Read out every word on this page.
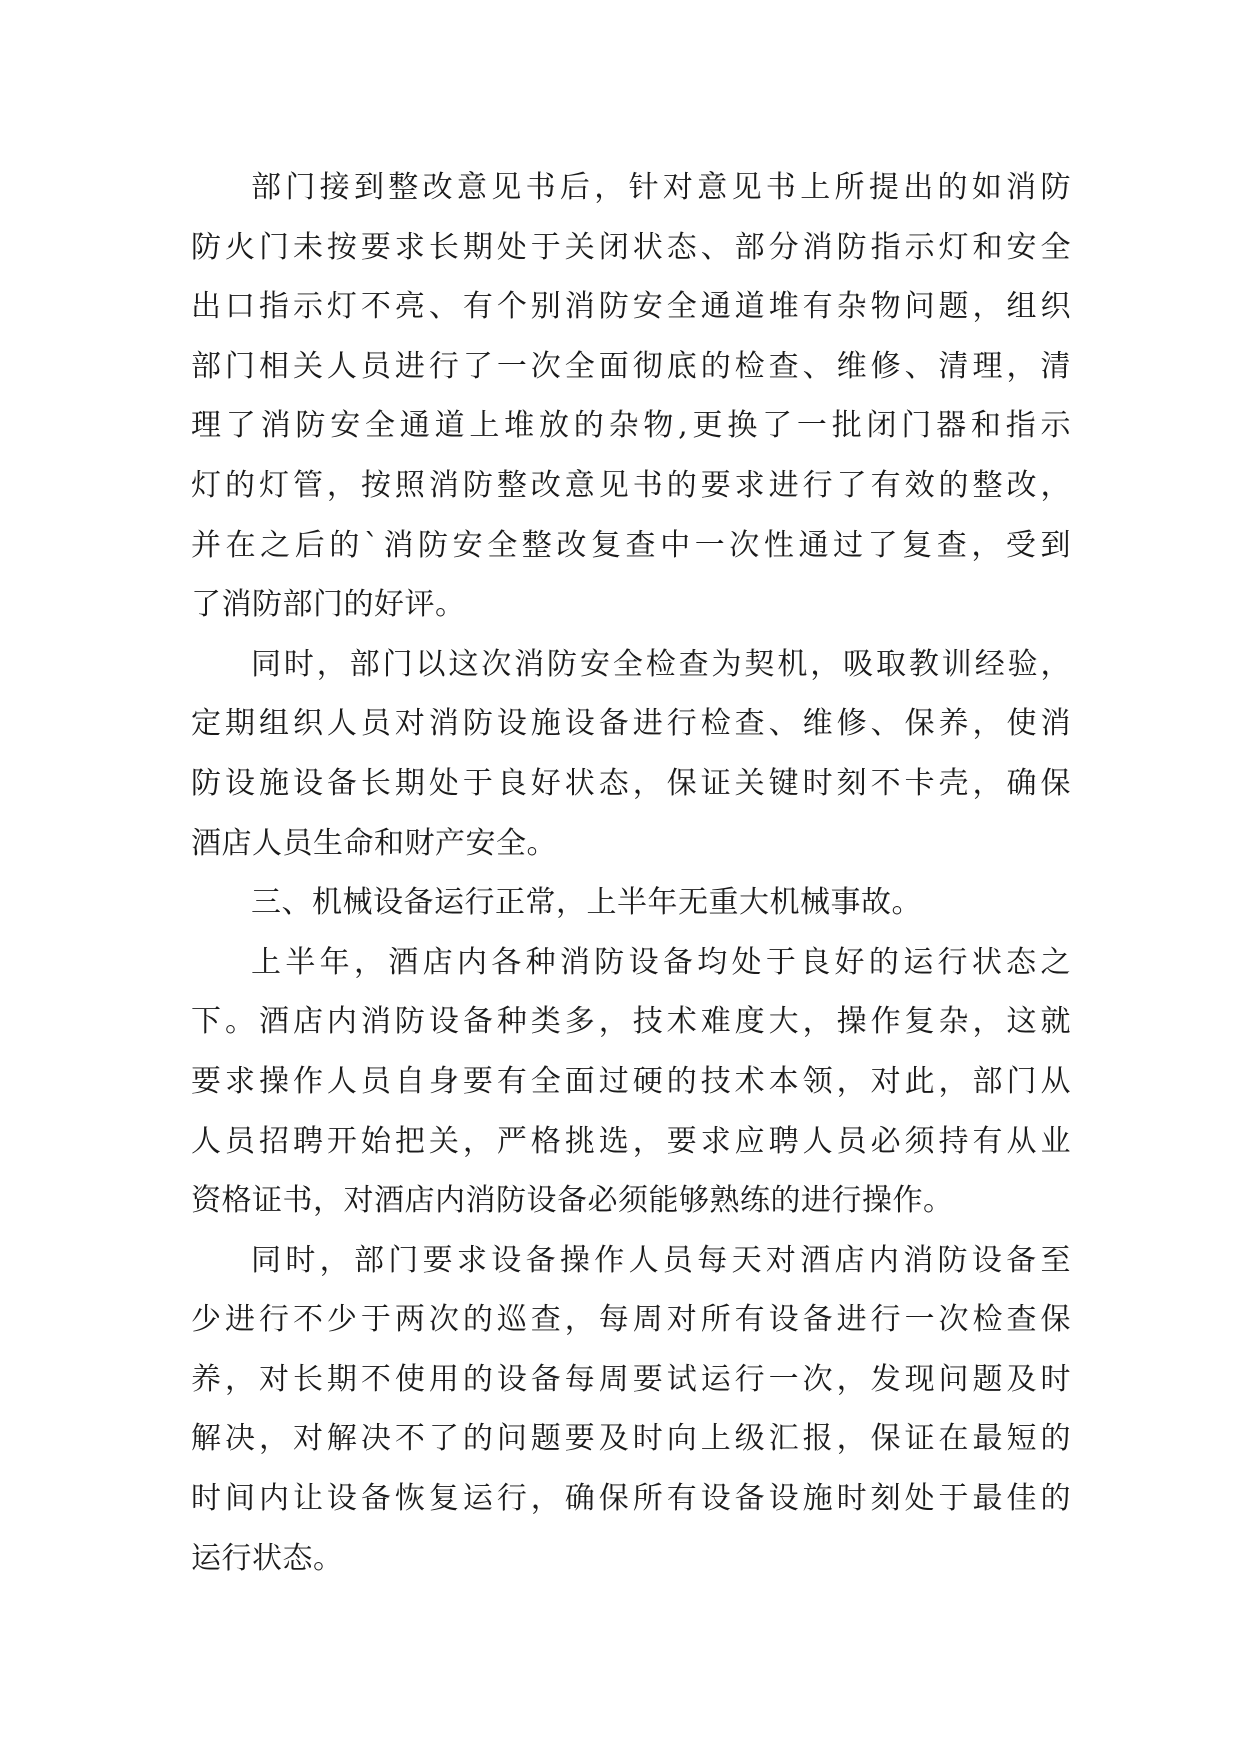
部门接到整改意见书后，针对意见书上所提出的如消防
防火门未按要求长期处于关闭状态、部分消防指示灯和安全
出口指示灯不亮、有个别消防安全通道堆有杂物问题，组织
部门相关人员进行了一次全面彻底的检查、维修、清理，清
理了消防安全通道上堆放的杂物,更换了一批闭门器和指示
灯的灯管，按照消防整改意见书的要求进行了有效的整改，
并在之后的`消防安全整改复查中一次性通过了复查，受到
了消防部门的好评。

同时，部门以这次消防安全检查为契机，吸取教训经验，
定期组织人员对消防设施设备进行检查、维修、保养，使消
防设施设备长期处于良好状态，保证关键时刻不卡壳，确保
酒店人员生命和财产安全。

三、机械设备运行正常，上半年无重大机械事故。

上半年，酒店内各种消防设备均处于良好的运行状态之
下。酒店内消防设备种类多，技术难度大，操作复杂，这就
要求操作人员自身要有全面过硬的技术本领，对此，部门从
人员招聘开始把关，严格挑选，要求应聘人员必须持有从业
资格证书，对酒店内消防设备必须能够熟练的进行操作。

同时，部门要求设备操作人员每天对酒店内消防设备至
少进行不少于两次的巡查，每周对所有设备进行一次检查保
养，对长期不使用的设备每周要试运行一次，发现问题及时
解决，对解决不了的问题要及时向上级汇报，保证在最短的
时间内让设备恢复运行，确保所有设备设施时刻处于最佳的
运行状态。
